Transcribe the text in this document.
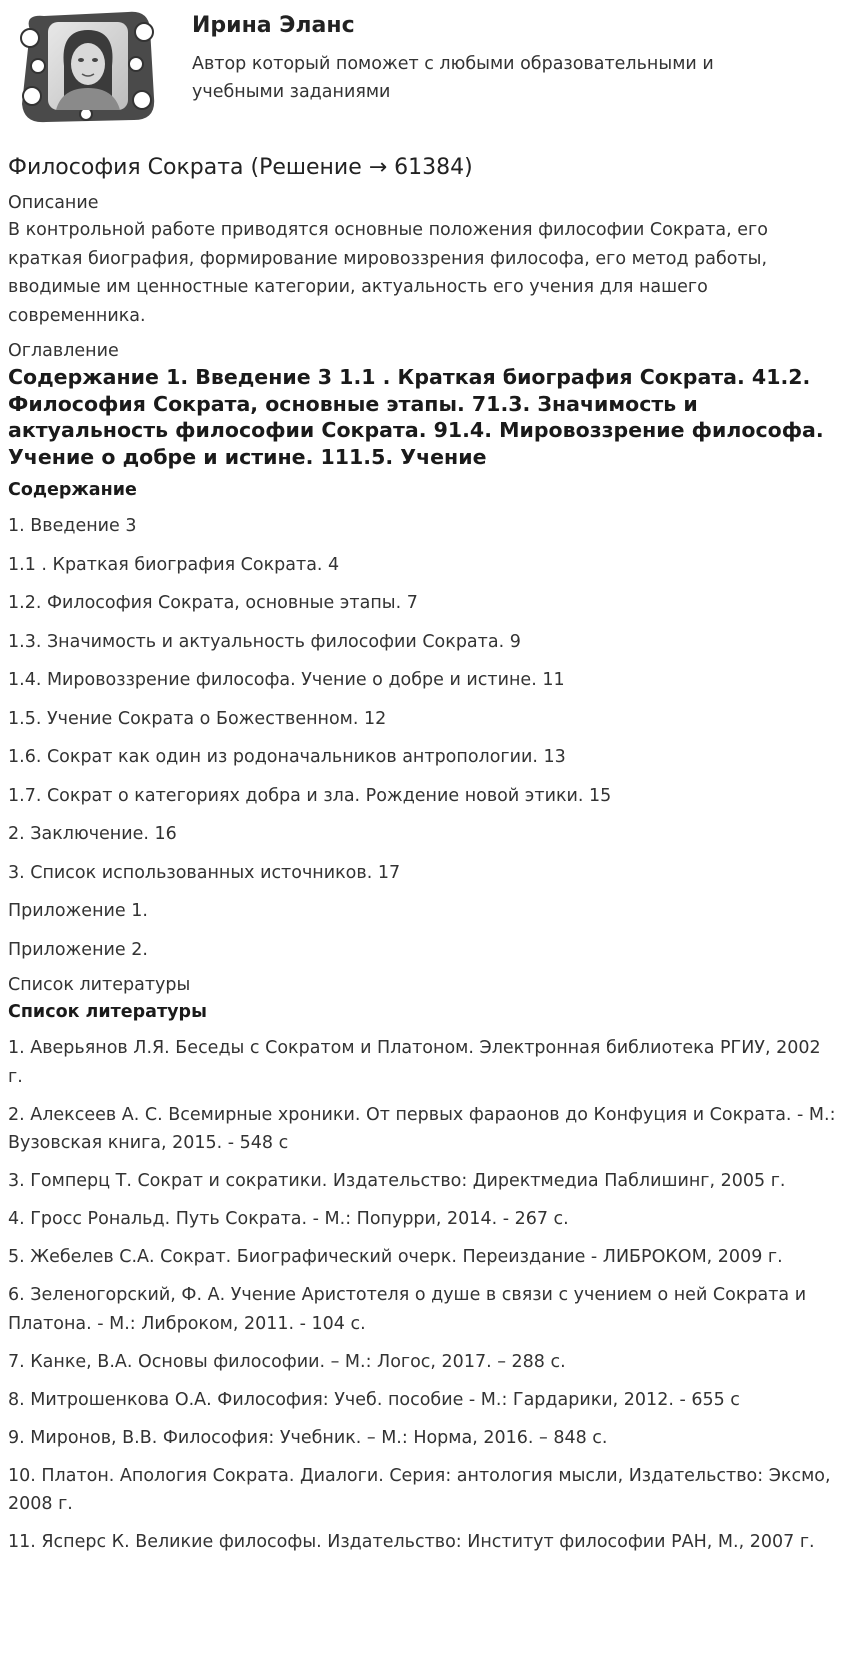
Ирина Эланс

Автор который поможет с любыми образовательными и учебными заданиями

Философия Сократа (Решение → 61384)

Описание

В контрольной работе приводятся основные положения философии Сократа, его краткая биография, формирование мировоззрения философа, его метод работы, вводимые им ценностные категории, актуальность его учения для нашего современника.

Оглавление

Содержание 1. Введение 3 1.1 . Краткая биография Сократа. 41.2. Философия Сократа, основные этапы. 71.3. Значимость и актуальность философии Сократа. 91.4. Мировоззрение философа. Учение о добре и истине. 111.5. Учение

Содержание

1. Введение 3

1.1 . Краткая биография Сократа. 4

1.2. Философия Сократа, основные этапы. 7

1.3. Значимость и актуальность философии Сократа. 9

1.4. Мировоззрение философа. Учение о добре и истине. 11

1.5. Учение Сократа о Божественном. 12

1.6. Сократ как один из родоначальников антропологии. 13

1.7. Сократ о категориях добра и зла. Рождение новой этики. 15

2. Заключение. 16

3. Список использованных источников. 17

Приложение 1.

Приложение 2.

Список литературы

Список литературы

1. Аверьянов Л.Я. Беседы с Сократом и Платоном. Электронная библиотека РГИУ, 2002 г.

2. Алексеев А. С. Всемирные хроники. От первых фараонов до Конфуция и Сократа. - М.: Вузовская книга, 2015. - 548 с

3. Гомперц Т. Сократ и сократики. Издательство: Директмедиа Паблишинг, 2005 г.

4. Гросс Рональд. Путь Сократа. - М.: Попурри, 2014. - 267 с.

5. Жебелев С.А. Сократ. Биографический очерк. Переиздание - ЛИБРОКОМ, 2009 г.

6. Зеленогорский, Ф. А. Учение Аристотеля о душе в связи с учением о ней Сократа и Платона. - М.: Либроком, 2011. - 104 с.

7. Канке, В.А. Основы философии. – М.: Логос, 2017. – 288 с.

8. Митрошенкова О.А. Философия: Учеб. пособие - М.: Гардарики, 2012. - 655 с

9. Миронов, В.В. Философия: Учебник. – М.: Норма, 2016. – 848 с.

10. Платон. Апология Сократа. Диалоги. Серия: антология мысли, Издательство: Эксмо, 2008 г.

11. Ясперс К. Великие философы. Издательство: Институт философии РАН, М., 2007 г.
